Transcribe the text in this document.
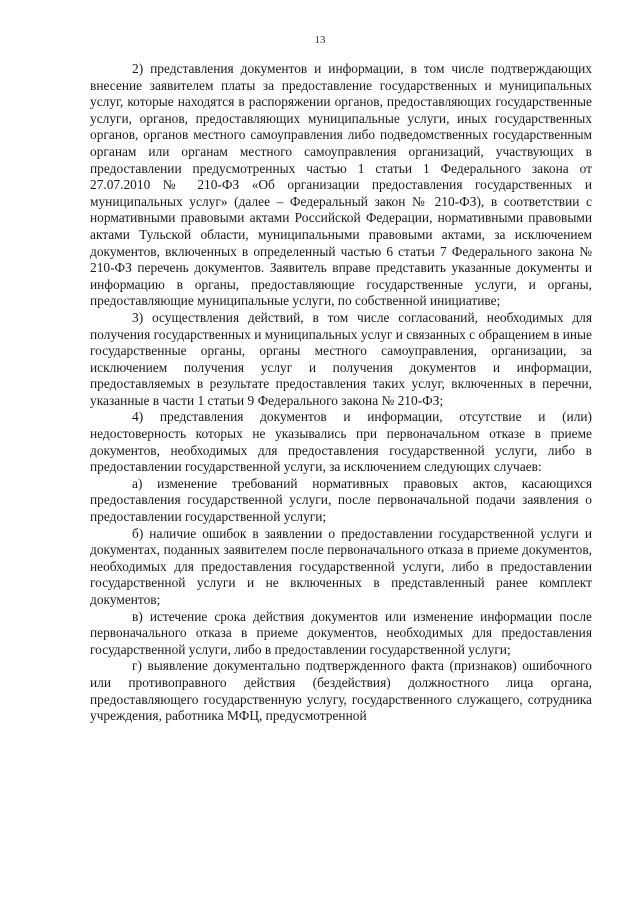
13

2) представления документов и информации, в том числе подтверждающих внесение заявителем платы за предоставление государственных и муниципальных услуг, которые находятся в распоряжении органов, предоставляющих государственные услуги, органов, предоставляющих муниципальные услуги, иных государственных органов, органов местного самоуправления либо подведомственных государственным органам или органам местного самоуправления организаций, участвующих в предоставлении предусмотренных частью 1 статьи 1 Федерального закона от 27.07.2010 № 210-ФЗ «Об организации предоставления государственных и муниципальных услуг» (далее – Федеральный закон № 210-ФЗ), в соответствии с нормативными правовыми актами Российской Федерации, нормативными правовыми актами Тульской области, муниципальными правовыми актами, за исключением документов, включенных в определенный частью 6 статьи 7 Федерального закона № 210-ФЗ перечень документов. Заявитель вправе представить указанные документы и информацию в органы, предоставляющие государственные услуги, и органы, предоставляющие муниципальные услуги, по собственной инициативе;

3) осуществления действий, в том числе согласований, необходимых для получения государственных и муниципальных услуг и связанных с обращением в иные государственные органы, органы местного самоуправления, организации, за исключением получения услуг и получения документов и информации, предоставляемых в результате предоставления таких услуг, включенных в перечни, указанные в части 1 статьи 9 Федерального закона № 210-ФЗ;

4) представления документов и информации, отсутствие и (или) недостоверность которых не указывались при первоначальном отказе в приеме документов, необходимых для предоставления государственной услуги, либо в предоставлении государственной услуги, за исключением следующих случаев:

а) изменение требований нормативных правовых актов, касающихся предоставления государственной услуги, после первоначальной подачи заявления о предоставлении государственной услуги;

б) наличие ошибок в заявлении о предоставлении государственной услуги и документах, поданных заявителем после первоначального отказа в приеме документов, необходимых для предоставления государственной услуги, либо в предоставлении государственной услуги и не включенных в представленный ранее комплект документов;

в) истечение срока действия документов или изменение информации после первоначального отказа в приеме документов, необходимых для предоставления государственной услуги, либо в предоставлении государственной услуги;

г) выявление документально подтвержденного факта (признаков) ошибочного или противоправного действия (бездействия) должностного лица органа, предоставляющего государственную услугу, государственного служащего, сотрудника учреждения, работника МФЦ, предусмотренной
